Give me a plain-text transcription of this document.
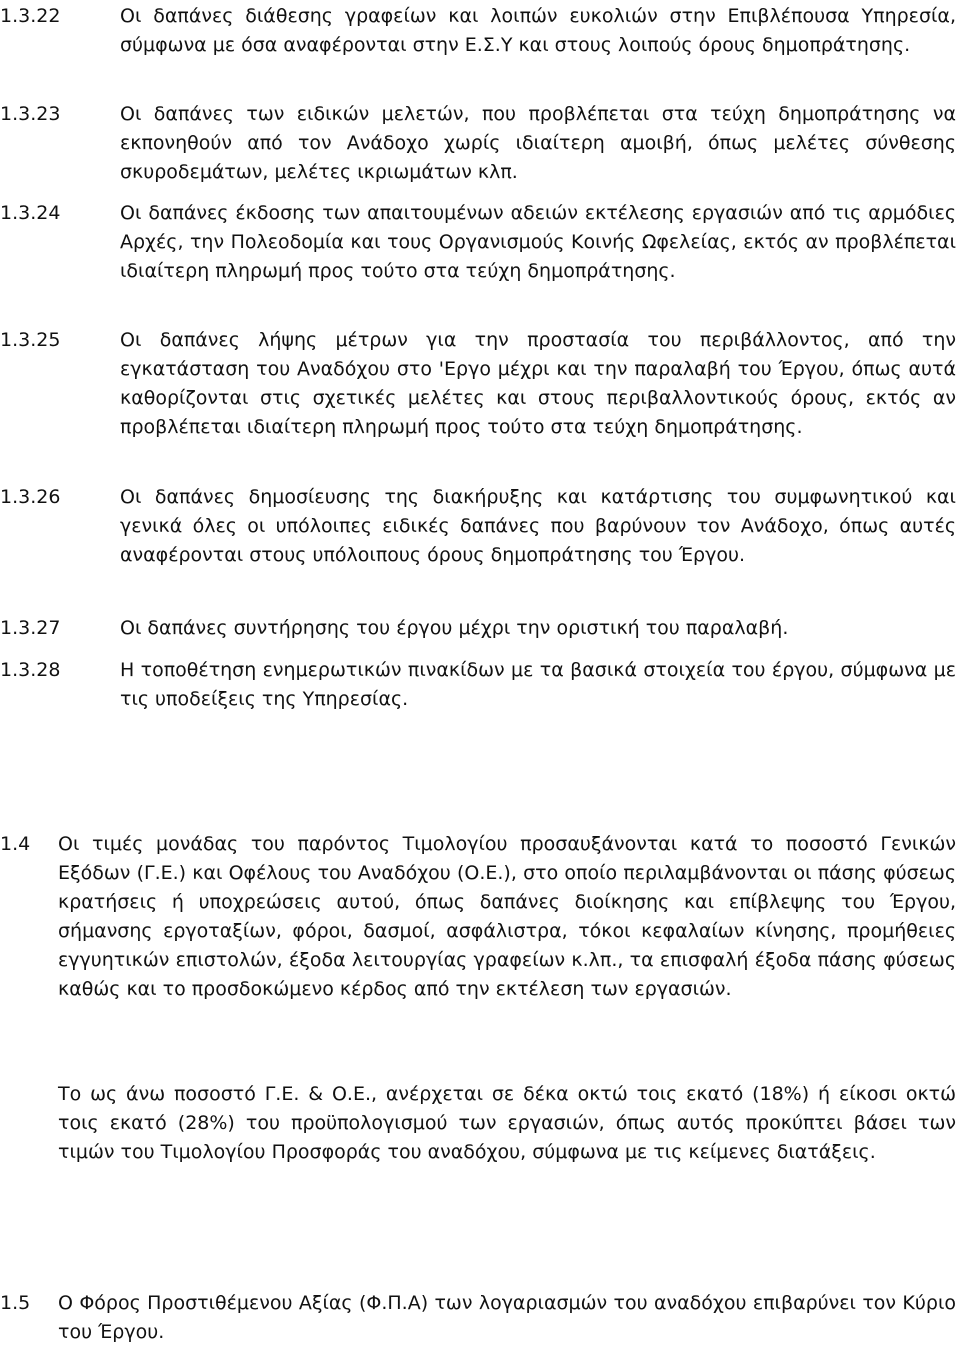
1.3.22	Οι δαπάνες διάθεσης γραφείων και λοιπών ευκολιών στην Επιβλέπουσα Υπηρεσία, σύμφωνα με όσα αναφέρονται στην Ε.Σ.Υ και στους λοιπούς όρους δημοπράτησης.
1.3.23	Οι δαπάνες των ειδικών μελετών, που προβλέπεται στα τεύχη δημοπράτησης να εκπονηθούν από τον Ανάδοχο χωρίς ιδιαίτερη αμοιβή, όπως μελέτες σύνθεσης σκυροδεμάτων, μελέτες ικριωμάτων κλπ.
1.3.24	Οι δαπάνες έκδοσης των απαιτουμένων αδειών εκτέλεσης εργασιών από τις αρμόδιες Αρχές, την Πολεοδομία και τους Οργανισμούς Κοινής Ωφελείας, εκτός αν προβλέπεται ιδιαίτερη πληρωμή προς τούτο στα τεύχη δημοπράτησης.
1.3.25	Οι δαπάνες λήψης μέτρων για την προστασία του περιβάλλοντος, από την εγκατάσταση του Αναδόχου στο 'Εργο μέχρι και την παραλαβή του Έργου, όπως αυτά καθορίζονται στις σχετικές μελέτες και στους περιβαλλοντικούς όρους, εκτός αν προβλέπεται ιδιαίτερη πληρωμή προς τούτο στα τεύχη δημοπράτησης.
1.3.26	Οι δαπάνες δημοσίευσης της διακήρυξης και κατάρτισης του συμφωνητικού και γενικά όλες οι υπόλοιπες ειδικές δαπάνες που βαρύνουν τον Ανάδοχο, όπως αυτές αναφέρονται στους υπόλοιπους όρους δημοπράτησης του Έργου.
1.3.27	Οι δαπάνες συντήρησης του έργου μέχρι την οριστική του παραλαβή.
1.3.28	Η τοποθέτηση ενημερωτικών πινακίδων με τα βασικά στοιχεία του έργου, σύμφωνα με τις υποδείξεις της Υπηρεσίας.
1.4 Οι τιμές μονάδας του παρόντος Τιμολογίου προσαυξάνονται κατά το ποσοστό Γενικών Εξόδων (Γ.Ε.) και Οφέλους του Αναδόχου (Ο.Ε.), στο οποίο περιλαμβάνονται οι πάσης φύσεως κρατήσεις ή υποχρεώσεις αυτού, όπως δαπάνες διοίκησης και επίβλεψης του Έργου, σήμανσης εργοταξίων, φόροι, δασμοί, ασφάλιστρα, τόκοι κεφαλαίων κίνησης, προμήθειες εγγυητικών επιστολών, έξοδα λειτουργίας γραφείων κ.λπ., τα επισφαλή έξοδα πάσης φύσεως καθώς και το προσδοκώμενο κέρδος από την εκτέλεση των εργασιών.
Το ως άνω ποσοστό Γ.Ε. & Ο.Ε., ανέρχεται σε δέκα οκτώ τοις εκατό (18%) ή είκοσι οκτώ τοις εκατό (28%) του προϋπολογισμού των εργασιών, όπως αυτός προκύπτει βάσει των τιμών του Τιμολογίου Προσφοράς του αναδόχου, σύμφωνα με τις κείμενες διατάξεις.
1.5 Ο Φόρος Προστιθέμενου Αξίας (Φ.Π.Α) των λογαριασμών του αναδόχου επιβαρύνει τον Κύριο του Έργου.
